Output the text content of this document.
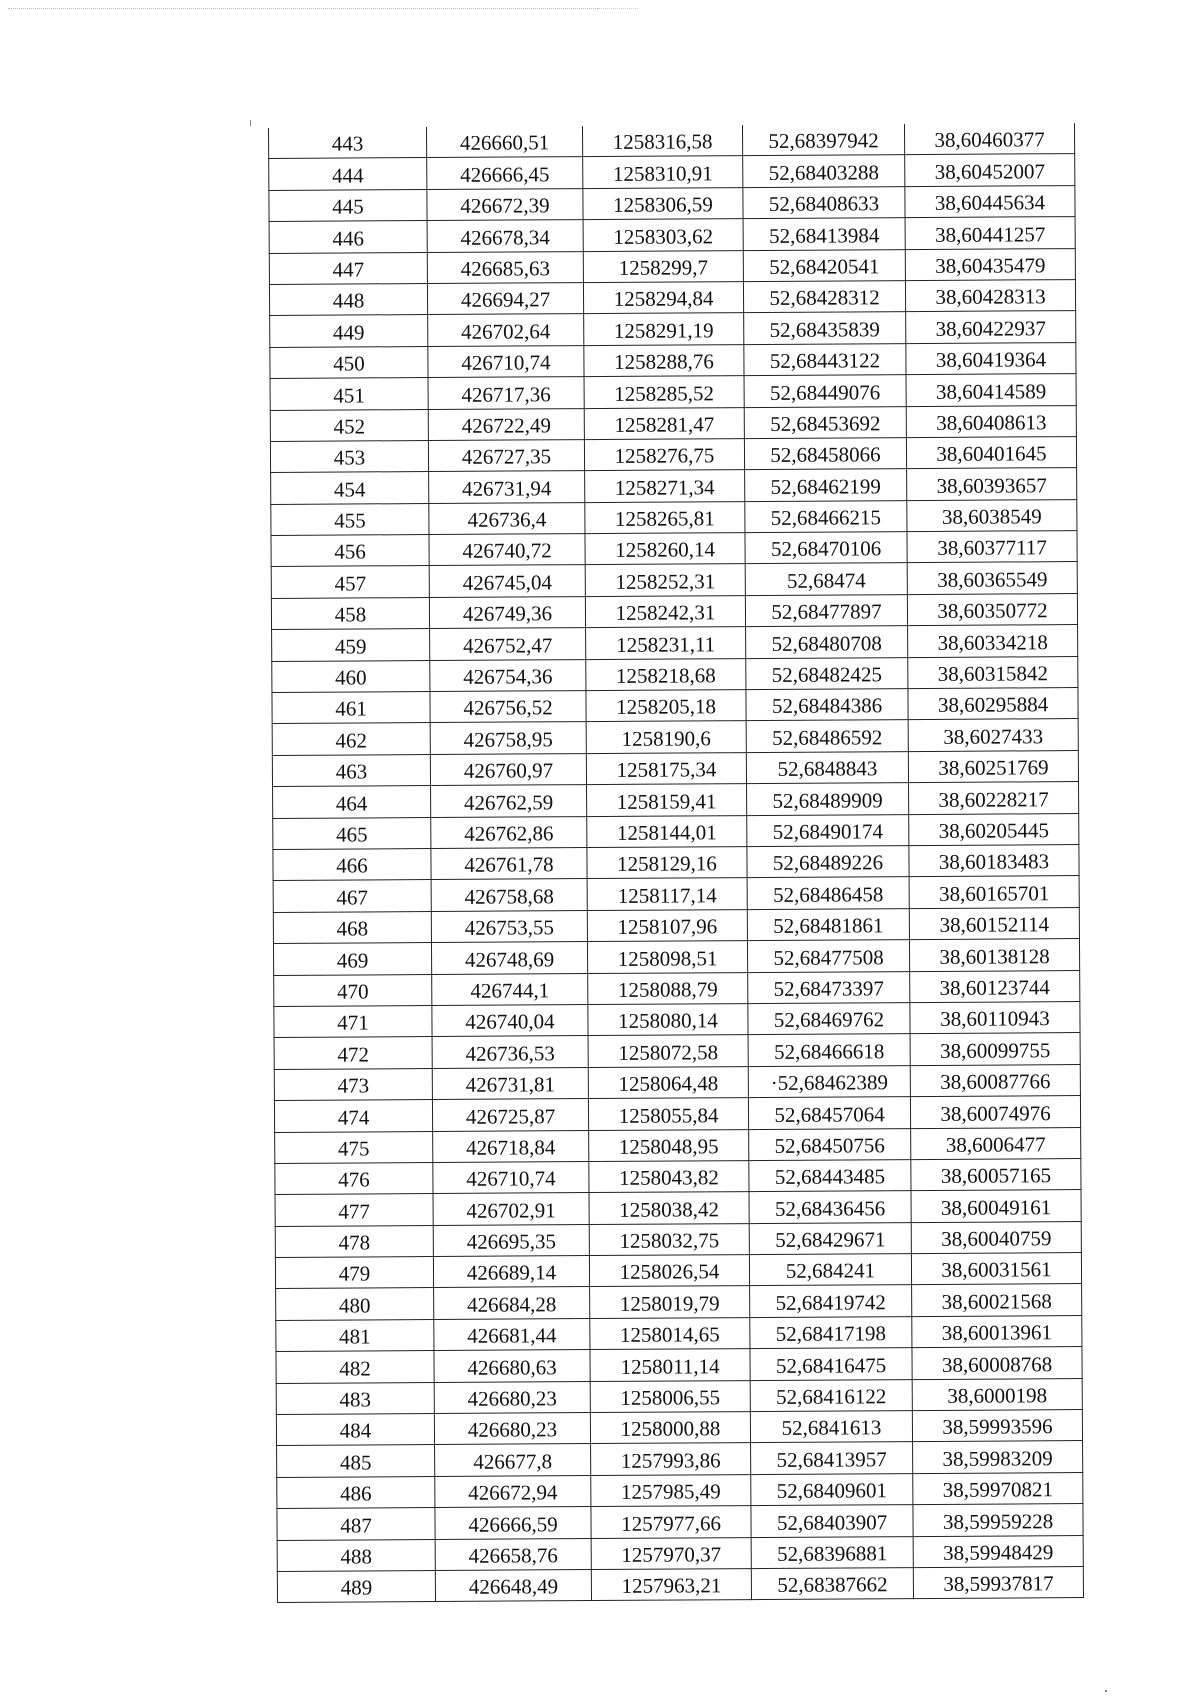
443	426660,51	1258316,58	52,68397942	38,60460377
444	426666,45	1258310,91	52,68403288	38,60452007
445	426672,39	1258306,59	52,68408633	38,60445634
446	426678,34	1258303,62	52,68413984	38,60441257
447	426685,63	1258299,7	52,68420541	38,60435479
448	426694,27	1258294,84	52,68428312	38,60428313
449	426702,64	1258291,19	52,68435839	38,60422937
450	426710,74	1258288,76	52,68443122	38,60419364
451	426717,36	1258285,52	52,68449076	38,60414589
452	426722,49	1258281,47	52,68453692	38,60408613
453	426727,35	1258276,75	52,68458066	38,60401645
454	426731,94	1258271,34	52,68462199	38,60393657
455	426736,4	1258265,81	52,68466215	38,6038549
456	426740,72	1258260,14	52,68470106	38,60377117
457	426745,04	1258252,31	52,68474	38,60365549
458	426749,36	1258242,31	52,68477897	38,60350772
459	426752,47	1258231,11	52,68480708	38,60334218
460	426754,36	1258218,68	52,68482425	38,60315842
461	426756,52	1258205,18	52,68484386	38,60295884
462	426758,95	1258190,6	52,68486592	38,6027433
463	426760,97	1258175,34	52,6848843	38,60251769
464	426762,59	1258159,41	52,68489909	38,60228217
465	426762,86	1258144,01	52,68490174	38,60205445
466	426761,78	1258129,16	52,68489226	38,60183483
467	426758,68	1258117,14	52,68486458	38,60165701
468	426753,55	1258107,96	52,68481861	38,60152114
469	426748,69	1258098,51	52,68477508	38,60138128
470	426744,1	1258088,79	52,68473397	38,60123744
471	426740,04	1258080,14	52,68469762	38,60110943
472	426736,53	1258072,58	52,68466618	38,60099755
473	426731,81	1258064,48	·52,68462389	38,60087766
474	426725,87	1258055,84	52,68457064	38,60074976
475	426718,84	1258048,95	52,68450756	38,6006477
476	426710,74	1258043,82	52,68443485	38,60057165
477	426702,91	1258038,42	52,68436456	38,60049161
478	426695,35	1258032,75	52,68429671	38,60040759
479	426689,14	1258026,54	52,684241	38,60031561
480	426684,28	1258019,79	52,68419742	38,60021568
481	426681,44	1258014,65	52,68417198	38,60013961
482	426680,63	1258011,14	52,68416475	38,60008768
483	426680,23	1258006,55	52,68416122	38,6000198
484	426680,23	1258000,88	52,6841613	38,59993596
485	426677,8	1257993,86	52,68413957	38,59983209
486	426672,94	1257985,49	52,68409601	38,59970821
487	426666,59	1257977,66	52,68403907	38,59959228
488	426658,76	1257970,37	52,68396881	38,59948429
489	426648,49	1257963,21	52,68387662	38,59937817
